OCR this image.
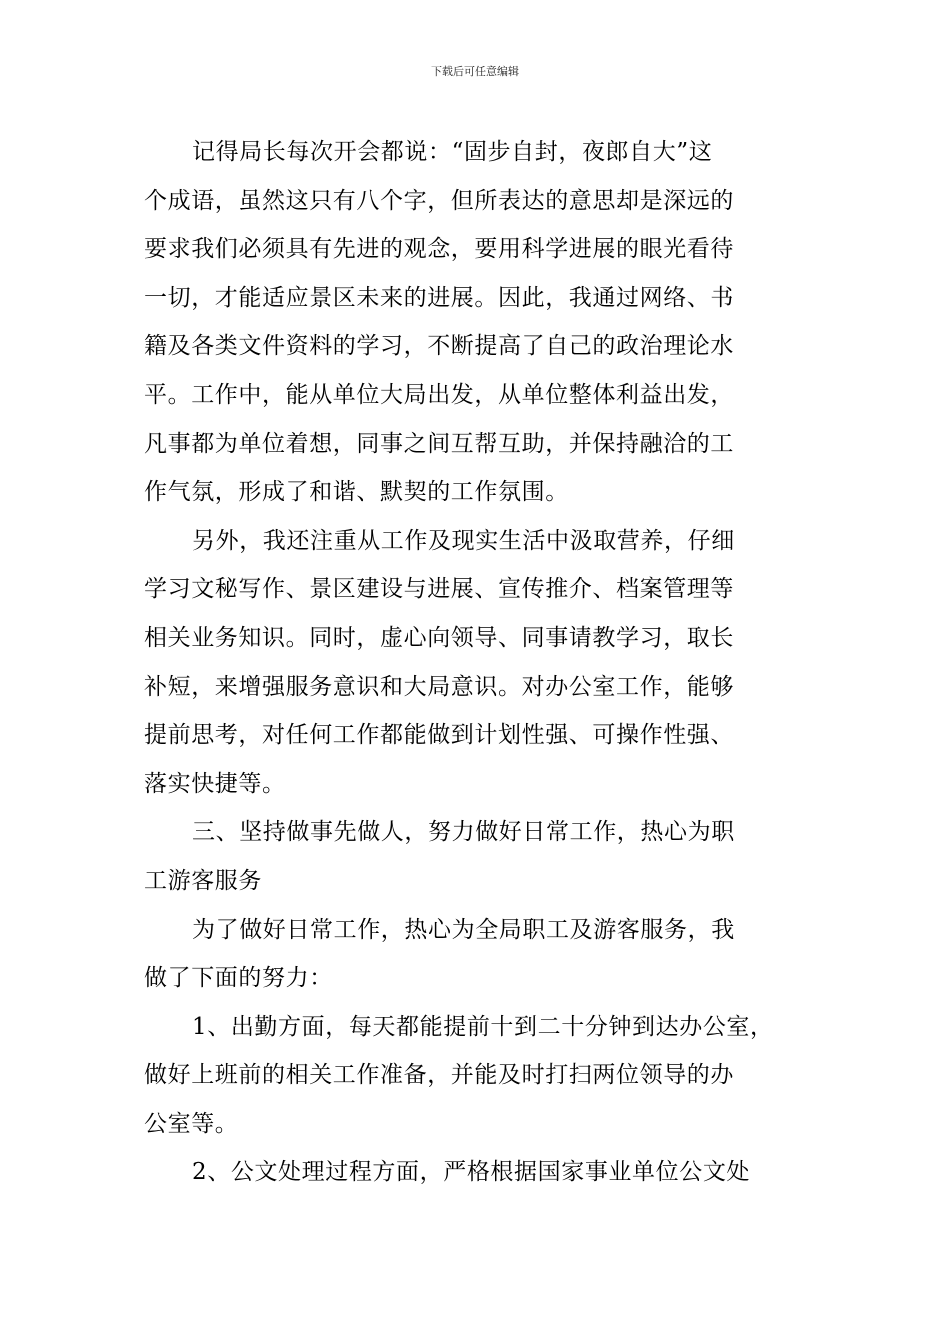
下载后可任意编辑

记得局长每次开会都说：“固步自封，夜郎自大”这
个成语，虽然这只有八个字，但所表达的意思却是深远的
要求我们必须具有先进的观念，要用科学进展的眼光看待
一切，才能适应景区未来的进展。因此，我通过网络、书
籍及各类文件资料的学习，不断提高了自己的政治理论水
平。工作中，能从单位大局出发，从单位整体利益出发，
凡事都为单位着想，同事之间互帮互助，并保持融洽的工
作气氛，形成了和谐、默契的工作氛围。

另外，我还注重从工作及现实生活中汲取营养，仔细
学习文秘写作、景区建设与进展、宣传推介、档案管理等
相关业务知识。同时，虚心向领导、同事请教学习，取长
补短，来增强服务意识和大局意识。对办公室工作，能够
提前思考，对任何工作都能做到计划性强、可操作性强、
落实快捷等。

三、坚持做事先做人，努力做好日常工作，热心为职
工游客服务

为了做好日常工作，热心为全局职工及游客服务，我
做了下面的努力：

1、出勤方面，每天都能提前十到二十分钟到达办公室，
做好上班前的相关工作准备，并能及时打扫两位领导的办
公室等。

2、公文处理过程方面，严格根据国家事业单位公文处
